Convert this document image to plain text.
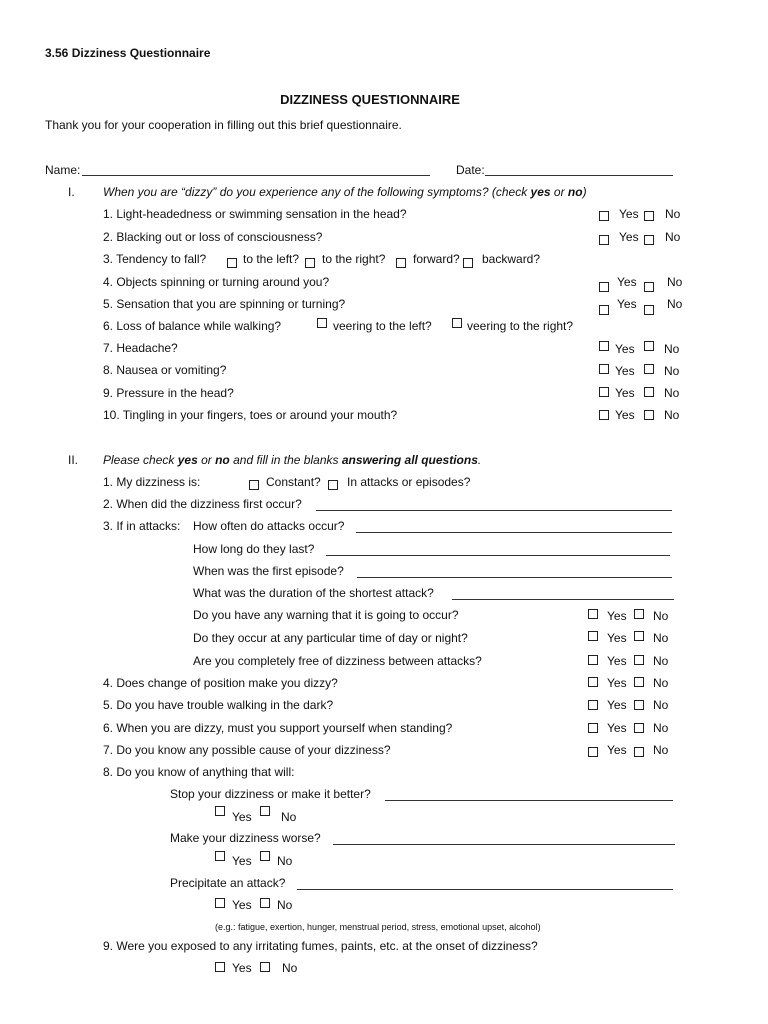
3.56 Dizziness Questionnaire
DIZZINESS QUESTIONNAIRE
Thank you for your cooperation in filling out this brief questionnaire.
Name:	Date:
I. When you are “dizzy” do you experience any of the following symptoms? (check yes or no)
1. Light-headedness or swimming sensation in the head?	Yes No
2. Blacking out or loss of consciousness?	Yes No
3. Tendency to fall?	to the left? to the right? forward? backward?
4. Objects spinning or turning around you?	Yes	No
5. Sensation that you are spinning or turning?	Yes	No
6. Loss of balance while walking?	veering to the left?	veering to the right?
7. Headache?	Yes No
8. Nausea or vomiting?	Yes No
9. Pressure in the head?	Yes No
10. Tingling in your fingers, toes or around your mouth?	Yes No
II. Please check yes or no and fill in the blanks answering all questions.
1. My dizziness is:	Constant? In attacks or episodes?
2. When did the dizziness first occur?
3. If in attacks: How often do attacks occur?
How long do they last?
When was the first episode?
What was the duration of the shortest attack?
Do you have any warning that it is going to occur?	Yes No
Do they occur at any particular time of day or night?	Yes No
Are you completely free of dizziness between attacks?	Yes No
4. Does change of position make you dizzy?	Yes No
5. Do you have trouble walking in the dark?	Yes No
6. When you are dizzy, must you support yourself when standing?	Yes No
7. Do you know any possible cause of your dizziness?	Yes No
8. Do you know of anything that will:
Stop your dizziness or make it better?
Yes No
Make your dizziness worse?
Yes No
Precipitate an attack?
Yes No
(e.g.: fatigue, exertion, hunger, menstrual period, stress, emotional upset, alcohol)
9. Were you exposed to any irritating fumes, paints, etc. at the onset of dizziness?
Yes	No
